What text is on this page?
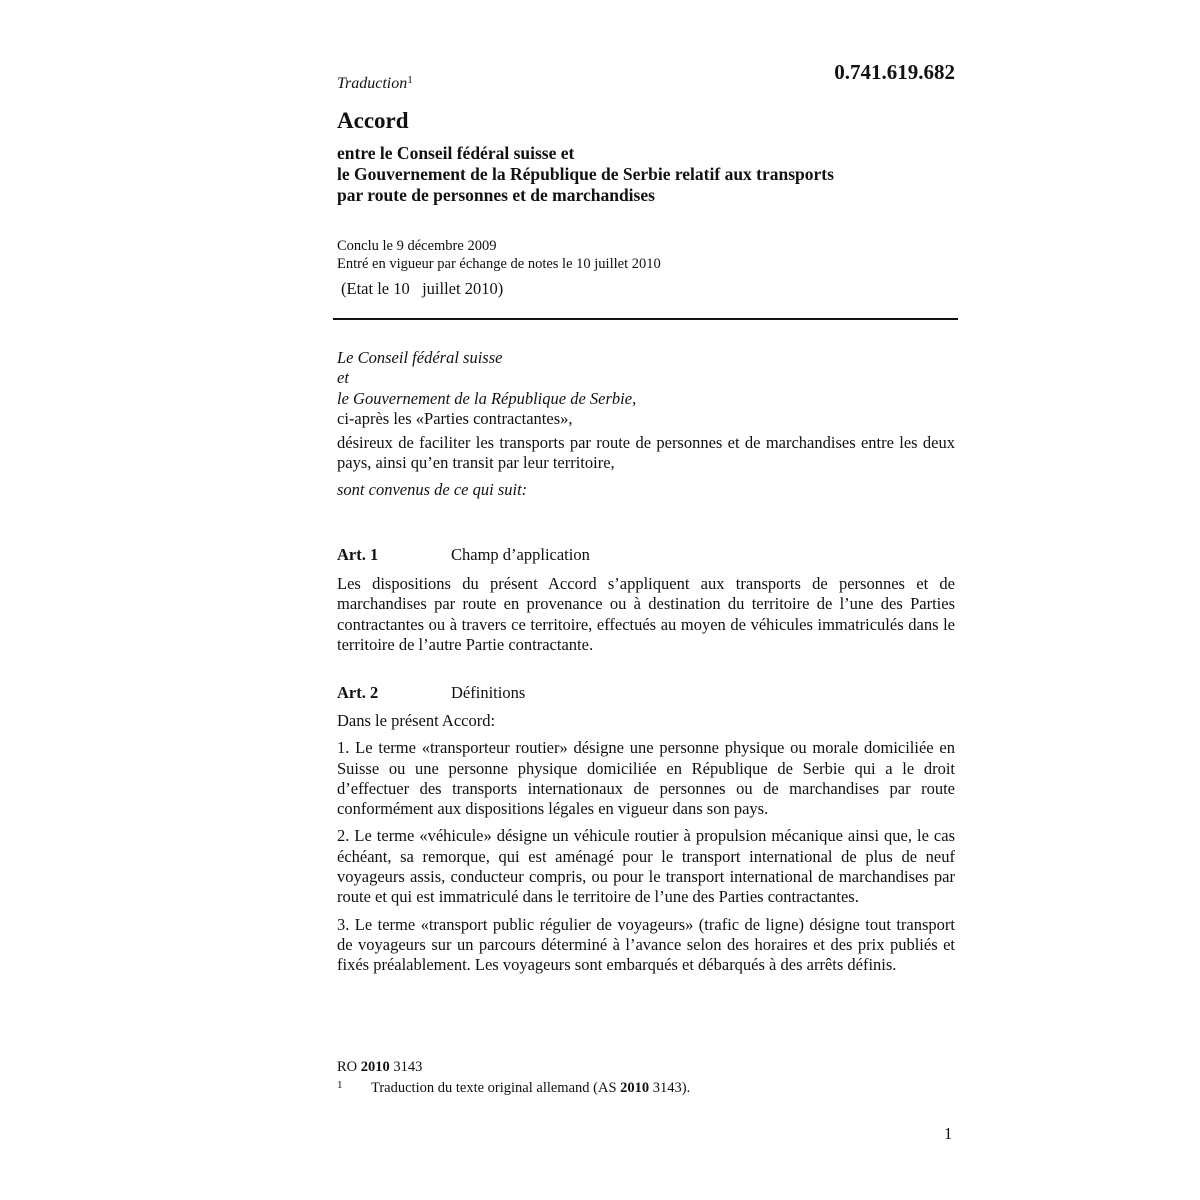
Traduction$^1$	0.741.619.682
Accord
entre le Conseil fédéral suisse et
le Gouvernement de la République de Serbie relatif aux transports
par route de personnes et de marchandises
Conclu le 9 décembre 2009
Entré en vigueur par échange de notes le 10 juillet 2010
(Etat le 10   juillet 2010)
Le Conseil fédéral suisse
et
le Gouvernement de la République de Serbie,
ci-après les «Parties contractantes»,
désireux de faciliter les transports par route de personnes et de marchandises entre les deux pays, ainsi qu’en transit par leur territoire,
sont convenus de ce qui suit:
Art. 1	Champ d’application
Les dispositions du présent Accord s’appliquent aux transports de personnes et de marchandises par route en provenance ou à destination du territoire de l’une des Parties contractantes ou à travers ce territoire, effectués au moyen de véhicules immatriculés dans le territoire de l’autre Partie contractante.
Art. 2	Définitions
Dans le présent Accord:
1. Le terme «transporteur routier» désigne une personne physique ou morale domiciliée en Suisse ou une personne physique domiciliée en République de Serbie qui a le droit d’effectuer des transports internationaux de personnes ou de marchandises par route conformément aux dispositions légales en vigueur dans son pays.
2. Le terme «véhicule» désigne un véhicule routier à propulsion mécanique ainsi que, le cas échéant, sa remorque, qui est aménagé pour le transport international de plus de neuf voyageurs assis, conducteur compris, ou pour le transport international de marchandises par route et qui est immatriculé dans le territoire de l’une des Parties contractantes.
3. Le terme «transport public régulier de voyageurs» (trafic de ligne) désigne tout transport de voyageurs sur un parcours déterminé à l’avance selon des horaires et des prix publiés et fixés préalablement. Les voyageurs sont embarqués et débarqués à des arrêts définis.
RO 2010 3143
1 Traduction du texte original allemand (AS 2010 3143).
1
